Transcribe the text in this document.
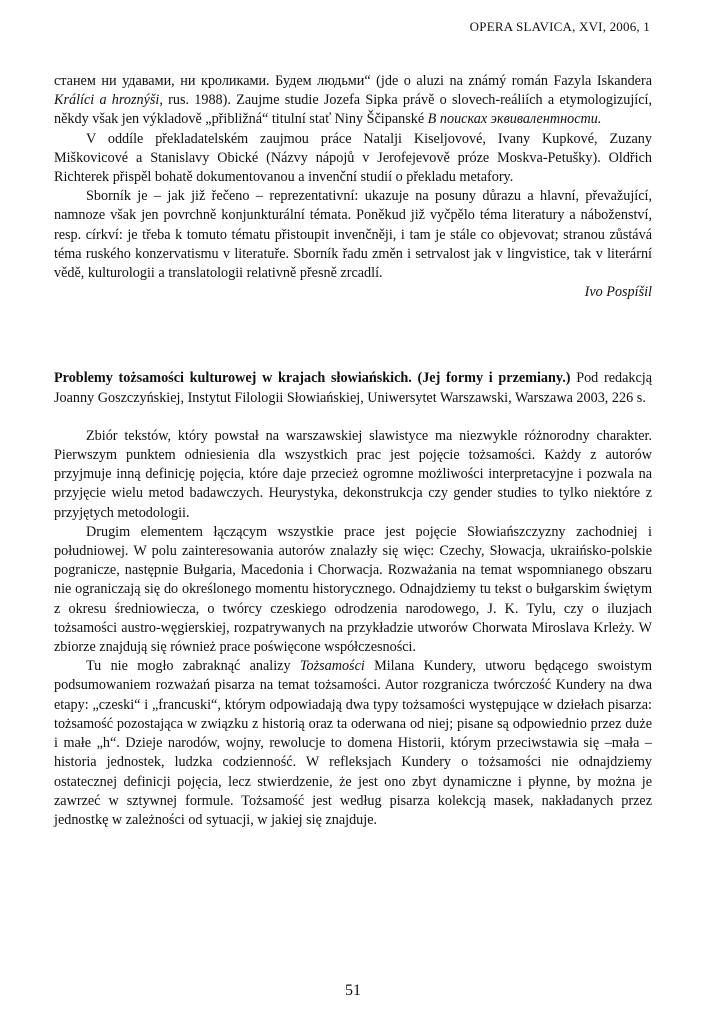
OPERA SLAVICA, XVI, 2006, 1

станем ни удавами, ни кроликами. Будем людьми“ (jde o aluzi na známý román Fazyla Iskandera Králíci a hroznýši, rus. 1988). Zaujme studie Jozefa Sipka právě o slovech-reáliích a etymologizující, někdy však jen výkladově „přibližná“ titulní stať Niny Ščipanské В поисках эквивалентности.

V oddíle překladatelském zaujmou práce Natalji Kiseljovové, Ivany Kupkové, Zuzany Miškovicové a Stanislavy Obické (Názvy nápojů v Jerofejevově próze Moskva-Petušky). Oldřich Richterek přispěl bohatě dokumentovanou a invenční studií o překladu metafory.

Sborník je – jak již řečeno – reprezentativní: ukazuje na posuny důrazu a hlavní, převažující, namnoze však jen povrchně konjunkturální témata. Poněkud již vyčpělo téma literatury a náboženství, resp. církví: je třeba k tomuto tématu přistoupit invenčněji, i tam je stále co objevovat; stranou zůstává téma ruského konzervatismu v literatuře. Sborník řadu změn i setrvalost jak v lingvistice, tak v literární vědě, kulturologii a translatologii relativně přesně zrcadlí.

Ivo Pospíšil

Problemy tożsamości kulturowej w krajach słowiańskich. (Jej formy i przemiany.) Pod redakcją Joanny Goszczyńskiej, Instytut Filologii Słowiańskiej, Uniwersytet Warszawski, Warszawa 2003, 226 s.

Zbiór tekstów, który powstał na warszawskiej slawistyce ma niezwykle różnorodny charakter. Pierwszym punktem odniesienia dla wszystkich prac jest pojęcie tożsamości. Każdy z autorów przyjmuje inną definicję pojęcia, które daje przecież ogromne możliwości interpretacyjne i pozwala na przyjęcie wielu metod badawczych. Heurystyka, dekonstrukcja czy gender studies to tylko niektóre z przyjętych metodologii.

Drugim elementem łączącym wszystkie prace jest pojęcie Słowiańszczyzny zachodniej i południowej. W polu zainteresowania autorów znalazły się więc: Czechy, Słowacja, ukraińsko-polskie pogranicze, następnie Bułgaria, Macedonia i Chorwacja. Rozważania na temat wspomnianego obszaru nie ograniczają się do określonego momentu historycznego. Odnajdziemy tu tekst o bułgarskim świętym z okresu średniowiecza, o twórcy czeskiego odrodzenia narodowego, J. K. Tylu, czy o iluzjach tożsamości austro-węgierskiej, rozpatrywanych na przykładzie utworów Chorwata Miroslava Krleży. W zbiorze znajdują się również prace poświęcone współczesności.

Tu nie mogło zabraknąć analizy Tożsamości Milana Kundery, utworu będącego swoistym podsumowaniem rozważań pisarza na temat tożsamości. Autor rozgranicza twórczość Kundery na dwa etapy: „czeski“ i „francuski“, którym odpowiadają dwa typy tożsamości występujące w dziełach pisarza: tożsamość pozostająca w związku z historią oraz ta oderwana od niej; pisane są odpowiednio przez duże i małe „h“. Dzieje narodów, wojny, rewolucje to domena Historii, którym przeciwstawia się –mała – historia jednostek, ludzka codzienność. W refleksjach Kundery o tożsamości nie odnajdziemy ostatecznej definicji pojęcia, lecz stwierdzenie, że jest ono zbyt dynamiczne i płynne, by można je zawrzeć w sztywnej formule. Tożsamość jest według pisarza kolekcją masek, nakładanych przez jednostkę w zależności od sytuacji, w jakiej się znajduje.

51
